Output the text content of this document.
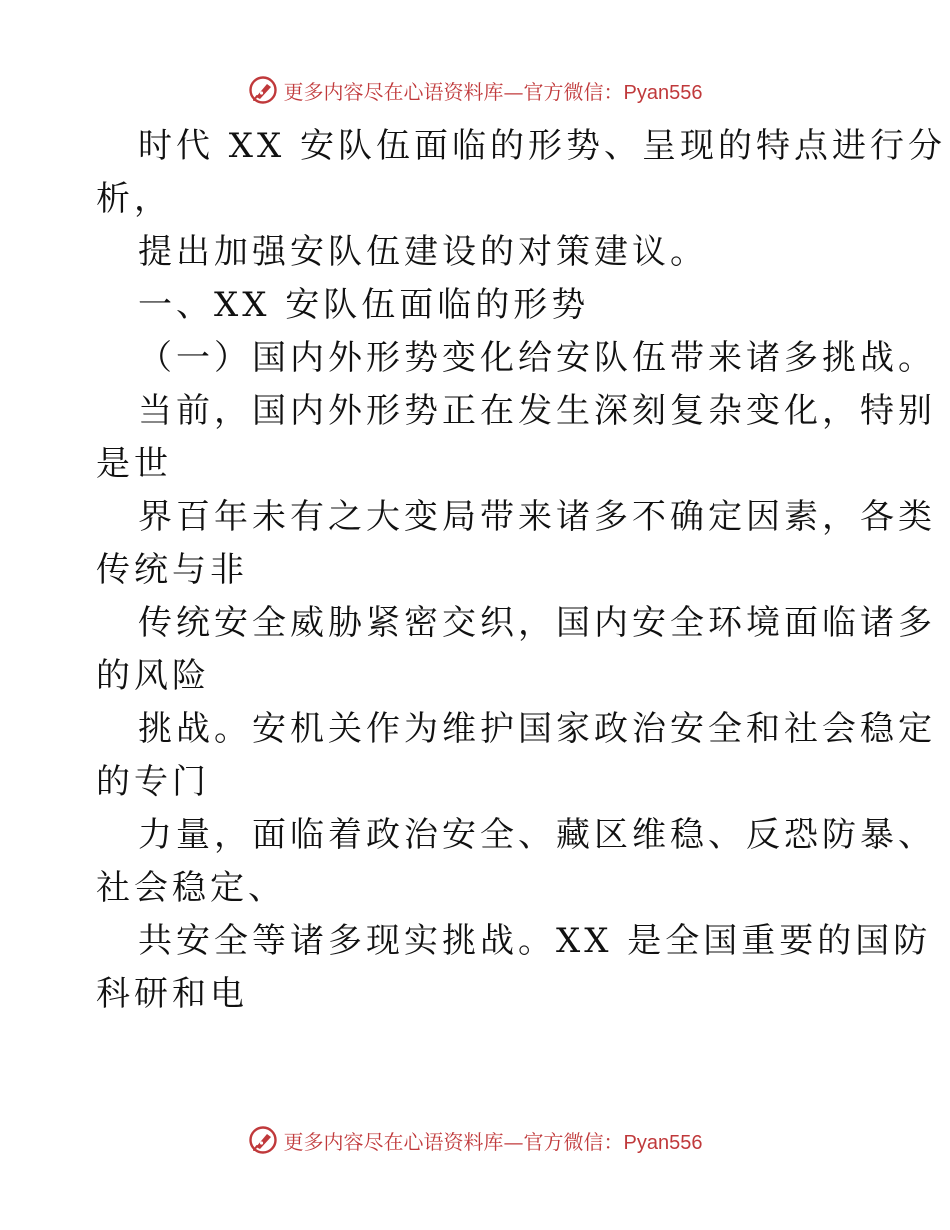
更多内容尽在心语资料库—官方微信：Pyan556
时代 XX 安队伍面临的形势、呈现的特点进行分
析，
提出加强安队伍建设的对策建议。
一、XX 安队伍面临的形势
（一）国内外形势变化给安队伍带来诸多挑战。
当前，国内外形势正在发生深刻复杂变化，特别
是世
界百年未有之大变局带来诸多不确定因素，各类
传统与非
传统安全威胁紧密交织，国内安全环境面临诸多
的风险
挑战。安机关作为维护国家政治安全和社会稳定
的专门
力量，面临着政治安全、藏区维稳、反恐防暴、
社会稳定、
共安全等诸多现实挑战。XX 是全国重要的国防
科研和电
更多内容尽在心语资料库—官方微信：Pyan556
